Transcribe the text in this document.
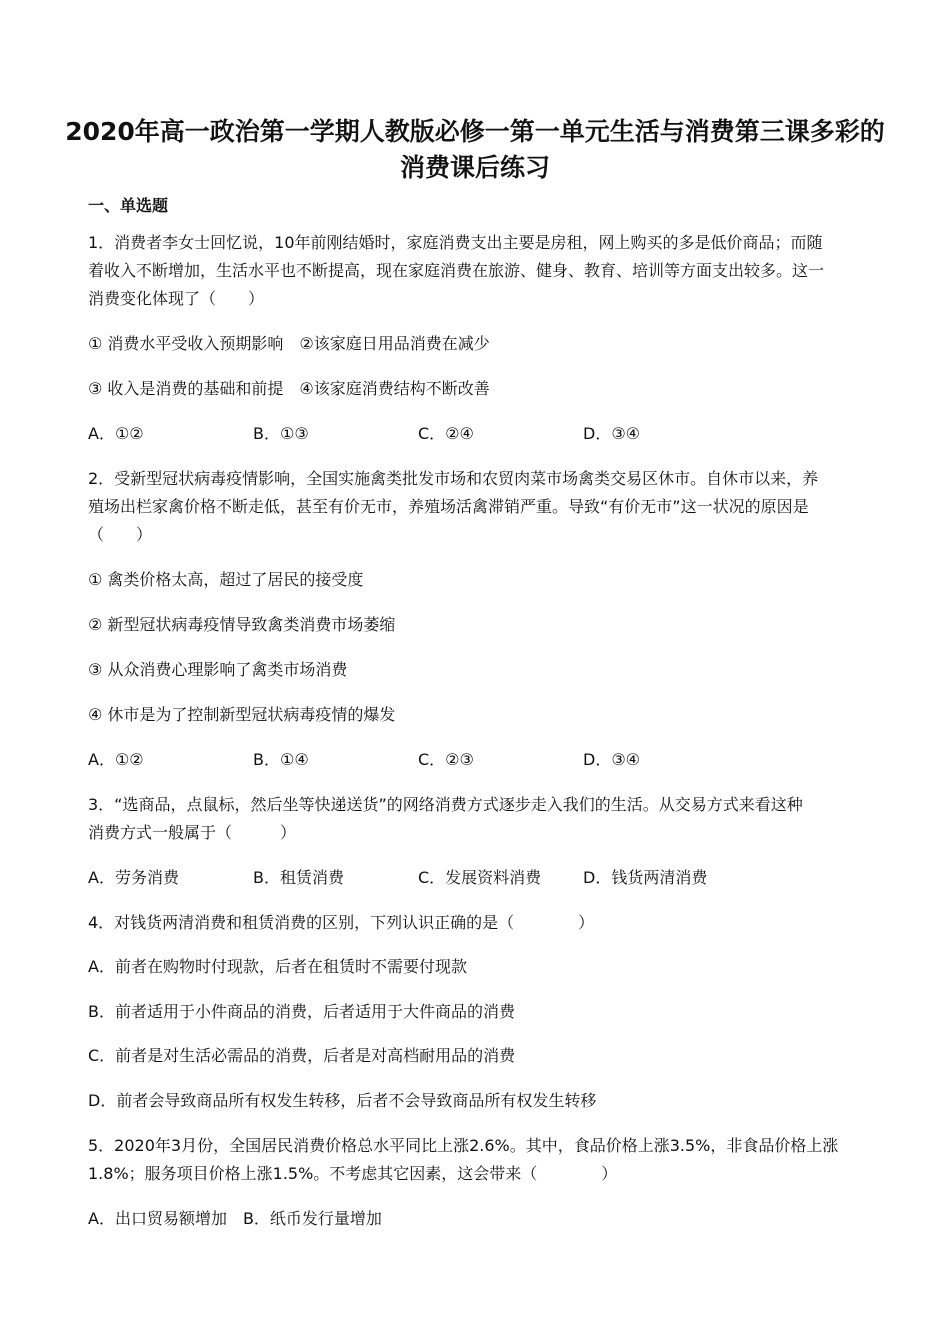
2020年高一政治第一学期人教版必修一第一单元生活与消费第三课多彩的
消费课后练习
一、单选题
1．消费者李女士回忆说，10年前刚结婚时，家庭消费支出主要是房租，网上购买的多是低价商品；而随
着收入不断增加，生活水平也不断提高，现在家庭消费在旅游、健身、教育、培训等方面支出较多。这一
消费变化体现了（　　）
① 消费水平受收入预期影响　②该家庭日用品消费在减少
③ 收入是消费的基础和前提　④该家庭消费结构不断改善
A．①②	B．①③	C．②④	D．③④
2．受新型冠状病毒疫情影响，全国实施禽类批发市场和农贸肉菜市场禽类交易区休市。自休市以来，养
殖场出栏家禽价格不断走低，甚至有价无市，养殖场活禽滞销严重。导致“有价无市”这一状况的原因是
（　　）
① 禽类价格太高，超过了居民的接受度
② 新型冠状病毒疫情导致禽类消费市场萎缩
③ 从众消费心理影响了禽类市场消费
④ 休市是为了控制新型冠状病毒疫情的爆发
A．①②	B．①④	C．②③	D．③④
3．“选商品，点鼠标，然后坐等快递送货”的网络消费方式逐步走入我们的生活。从交易方式来看这种
消费方式一般属于（　　　）
A．劳务消费	B．租赁消费	C．发展资料消费	D．钱货两清消费
4．对钱货两清消费和租赁消费的区别，下列认识正确的是（　　　　）
A．前者在购物时付现款，后者在租赁时不需要付现款
B．前者适用于小件商品的消费，后者适用于大件商品的消费
C．前者是对生活必需品的消费，后者是对高档耐用品的消费
D．前者会导致商品所有权发生转移，后者不会导致商品所有权发生转移
5．2020年3月份，全国居民消费价格总水平同比上涨2.6%。其中，食品价格上涨3.5%，非食品价格上涨
1.8%；服务项目价格上涨1.5%。不考虑其它因素，这会带来（　　　　）
A．出口贸易额增加　B．纸币发行量增加
